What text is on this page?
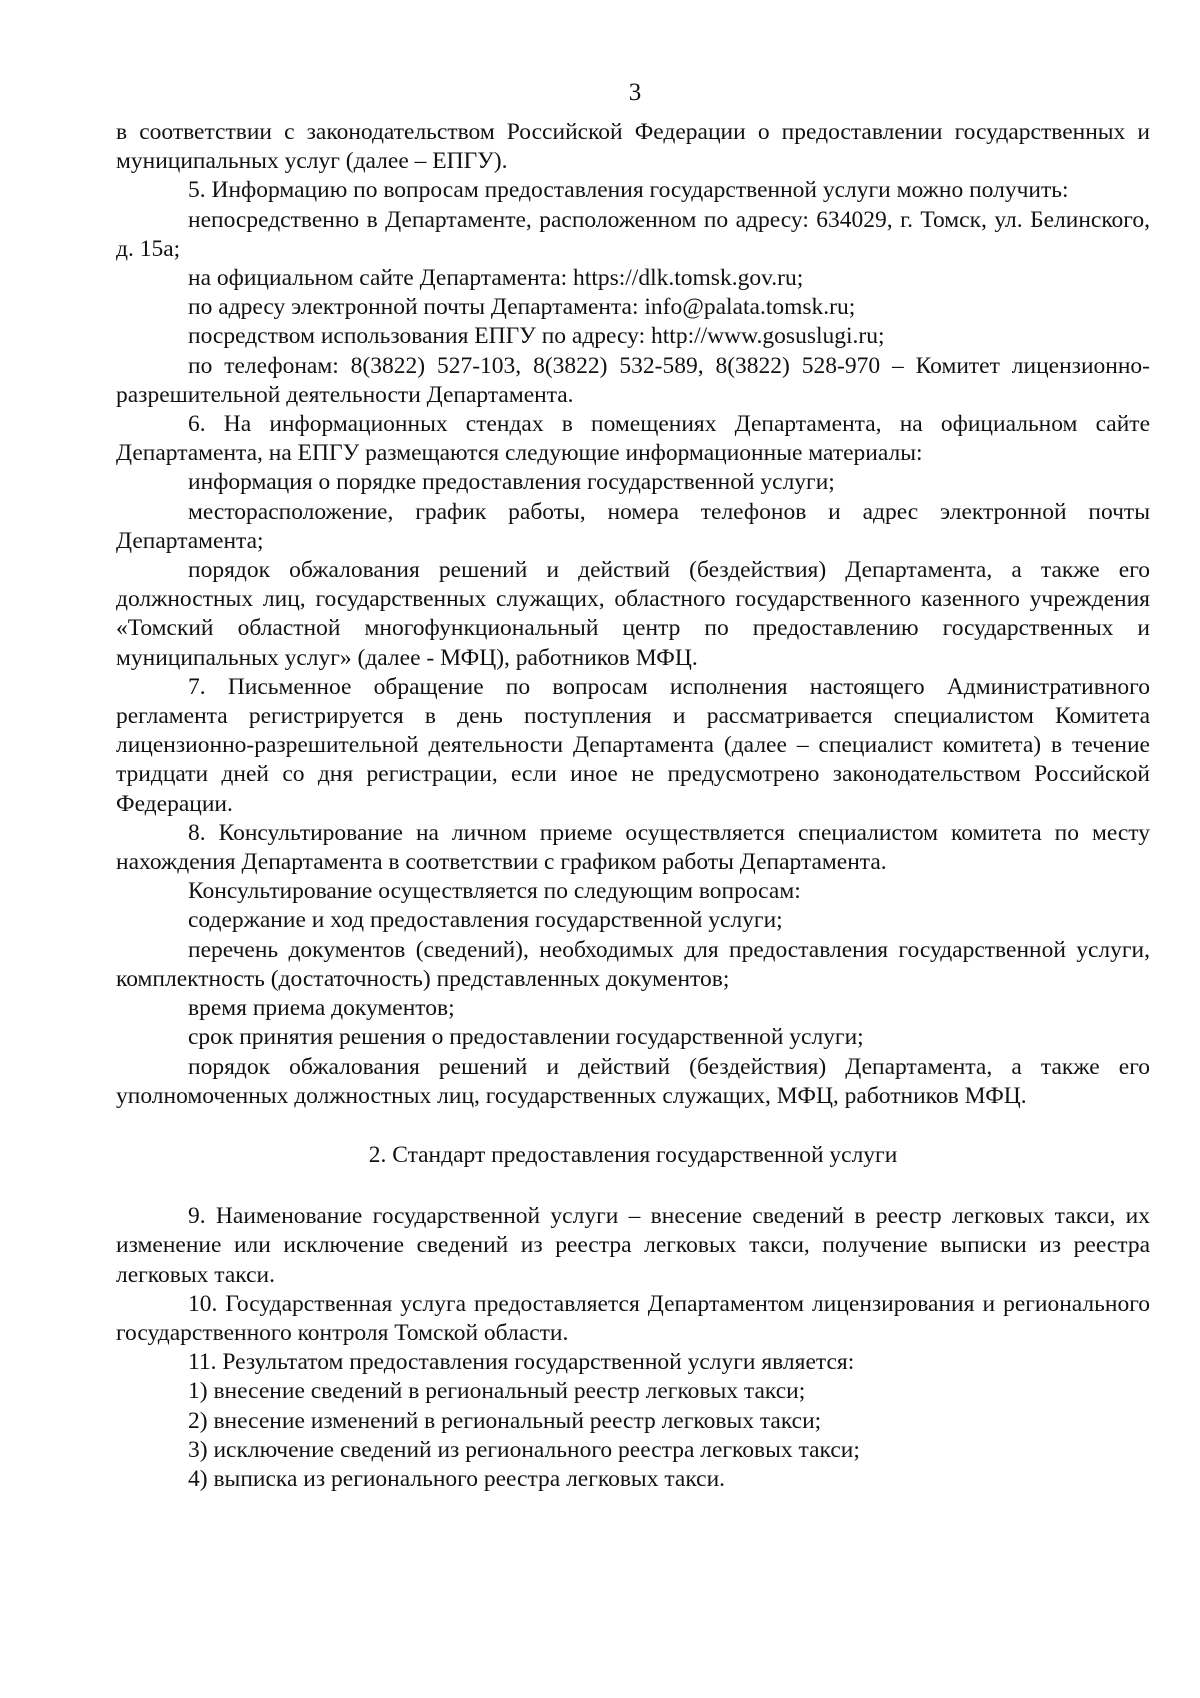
3

в соответствии с законодательством Российской Федерации о предоставлении государственных и муниципальных услуг (далее – ЕПГУ).

5. Информацию по вопросам предоставления государственной услуги можно получить:

непосредственно в Департаменте, расположенном по адресу: 634029, г. Томск, ул. Белинского, д. 15а;

на официальном сайте Департамента: https://dlk.tomsk.gov.ru;

по адресу электронной почты Департамента: info@palata.tomsk.ru;

посредством использования ЕПГУ по адресу: http://www.gosuslugi.ru;

по телефонам: 8(3822) 527-103, 8(3822) 532-589, 8(3822) 528-970 – Комитет лицензионно-разрешительной деятельности Департамента.

6. На информационных стендах в помещениях Департамента, на официальном сайте Департамента, на ЕПГУ размещаются следующие информационные материалы:

информация о порядке предоставления государственной услуги;

месторасположение, график работы, номера телефонов и адрес электронной почты Департамента;

порядок обжалования решений и действий (бездействия) Департамента, а также его должностных лиц, государственных служащих, областного государственного казенного учреждения «Томский областной многофункциональный центр по предоставлению государственных и муниципальных услуг» (далее - МФЦ), работников МФЦ.

7. Письменное обращение по вопросам исполнения настоящего Административного регламента регистрируется в день поступления и рассматривается специалистом Комитета лицензионно-разрешительной деятельности Департамента (далее – специалист комитета) в течение тридцати дней со дня регистрации, если иное не предусмотрено законодательством Российской Федерации.

8. Консультирование на личном приеме осуществляется специалистом комитета по месту нахождения Департамента в соответствии с графиком работы Департамента.

Консультирование осуществляется по следующим вопросам:

содержание и ход предоставления государственной услуги;

перечень документов (сведений), необходимых для предоставления государственной услуги, комплектность (достаточность) представленных документов;

время приема документов;

срок принятия решения о предоставлении государственной услуги;

порядок обжалования решений и действий (бездействия) Департамента, а также его уполномоченных должностных лиц, государственных служащих, МФЦ, работников МФЦ.

2. Стандарт предоставления государственной услуги

9. Наименование государственной услуги – внесение сведений в реестр легковых такси, их изменение или исключение сведений из реестра легковых такси, получение выписки из реестра легковых такси.

10. Государственная услуга предоставляется Департаментом лицензирования и регионального государственного контроля Томской области.

11. Результатом предоставления государственной услуги является:

1) внесение сведений в региональный реестр легковых такси;

2) внесение изменений в региональный реестр легковых такси;

3) исключение сведений из регионального реестра легковых такси;

4) выписка из регионального реестра легковых такси.
